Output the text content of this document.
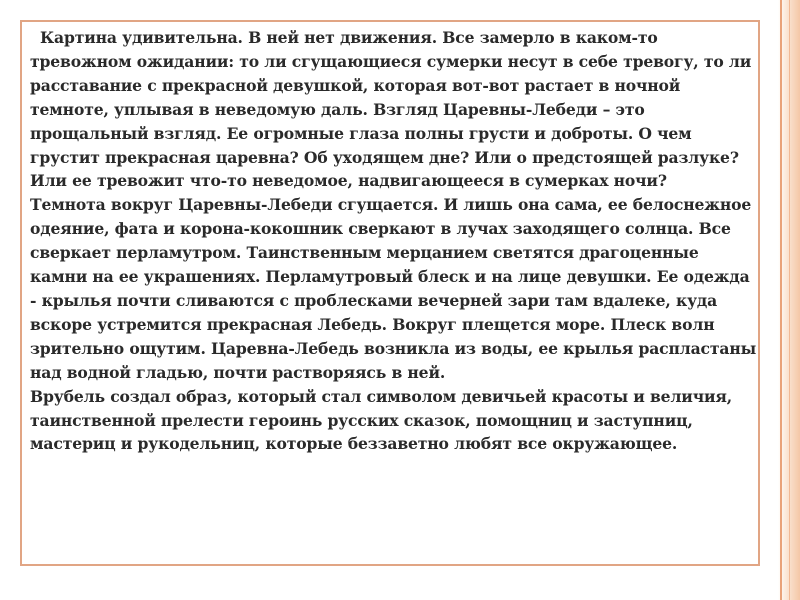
Картина удивительна. В ней нет движения. Все замерло в каком-то тревожном ожидании: то ли сгущающиеся сумерки несут в себе тревогу, то ли расставание с прекрасной девушкой, которая вот-вот растает в ночной темноте, уплывая в неведомую даль. Взгляд Царевны-Лебеди – это прощальный взгляд. Ее огромные глаза полны грусти и доброты. О чем грустит прекрасная царевна? Об уходящем дне? Или о предстоящей разлуке? Или ее тревожит что-то неведомое, надвигающееся в сумерках ночи?

Темнота вокруг Царевны-Лебеди сгущается. И лишь она сама, ее белоснежное одеяние, фата и корона-кокошник сверкают в лучах заходящего солнца. Все сверкает перламутром. Таинственным мерцанием светятся драгоценные камни на ее украшениях. Перламутровый блеск и на лице девушки. Ее одежда - крылья почти сливаются с проблесками вечерней зари там вдалеке, куда вскоре устремится прекрасная Лебедь. Вокруг плещется море. Плеск волн зрительно ощутим. Царевна-Лебедь возникла из воды, ее крылья распластаны над водной гладью, почти растворяясь в ней.

Врубель создал образ, который стал символом девичьей красоты и величия, таинственной прелести героинь русских сказок, помощниц и заступниц, мастериц и рукодельниц, которые беззаветно любят все окружающее.
